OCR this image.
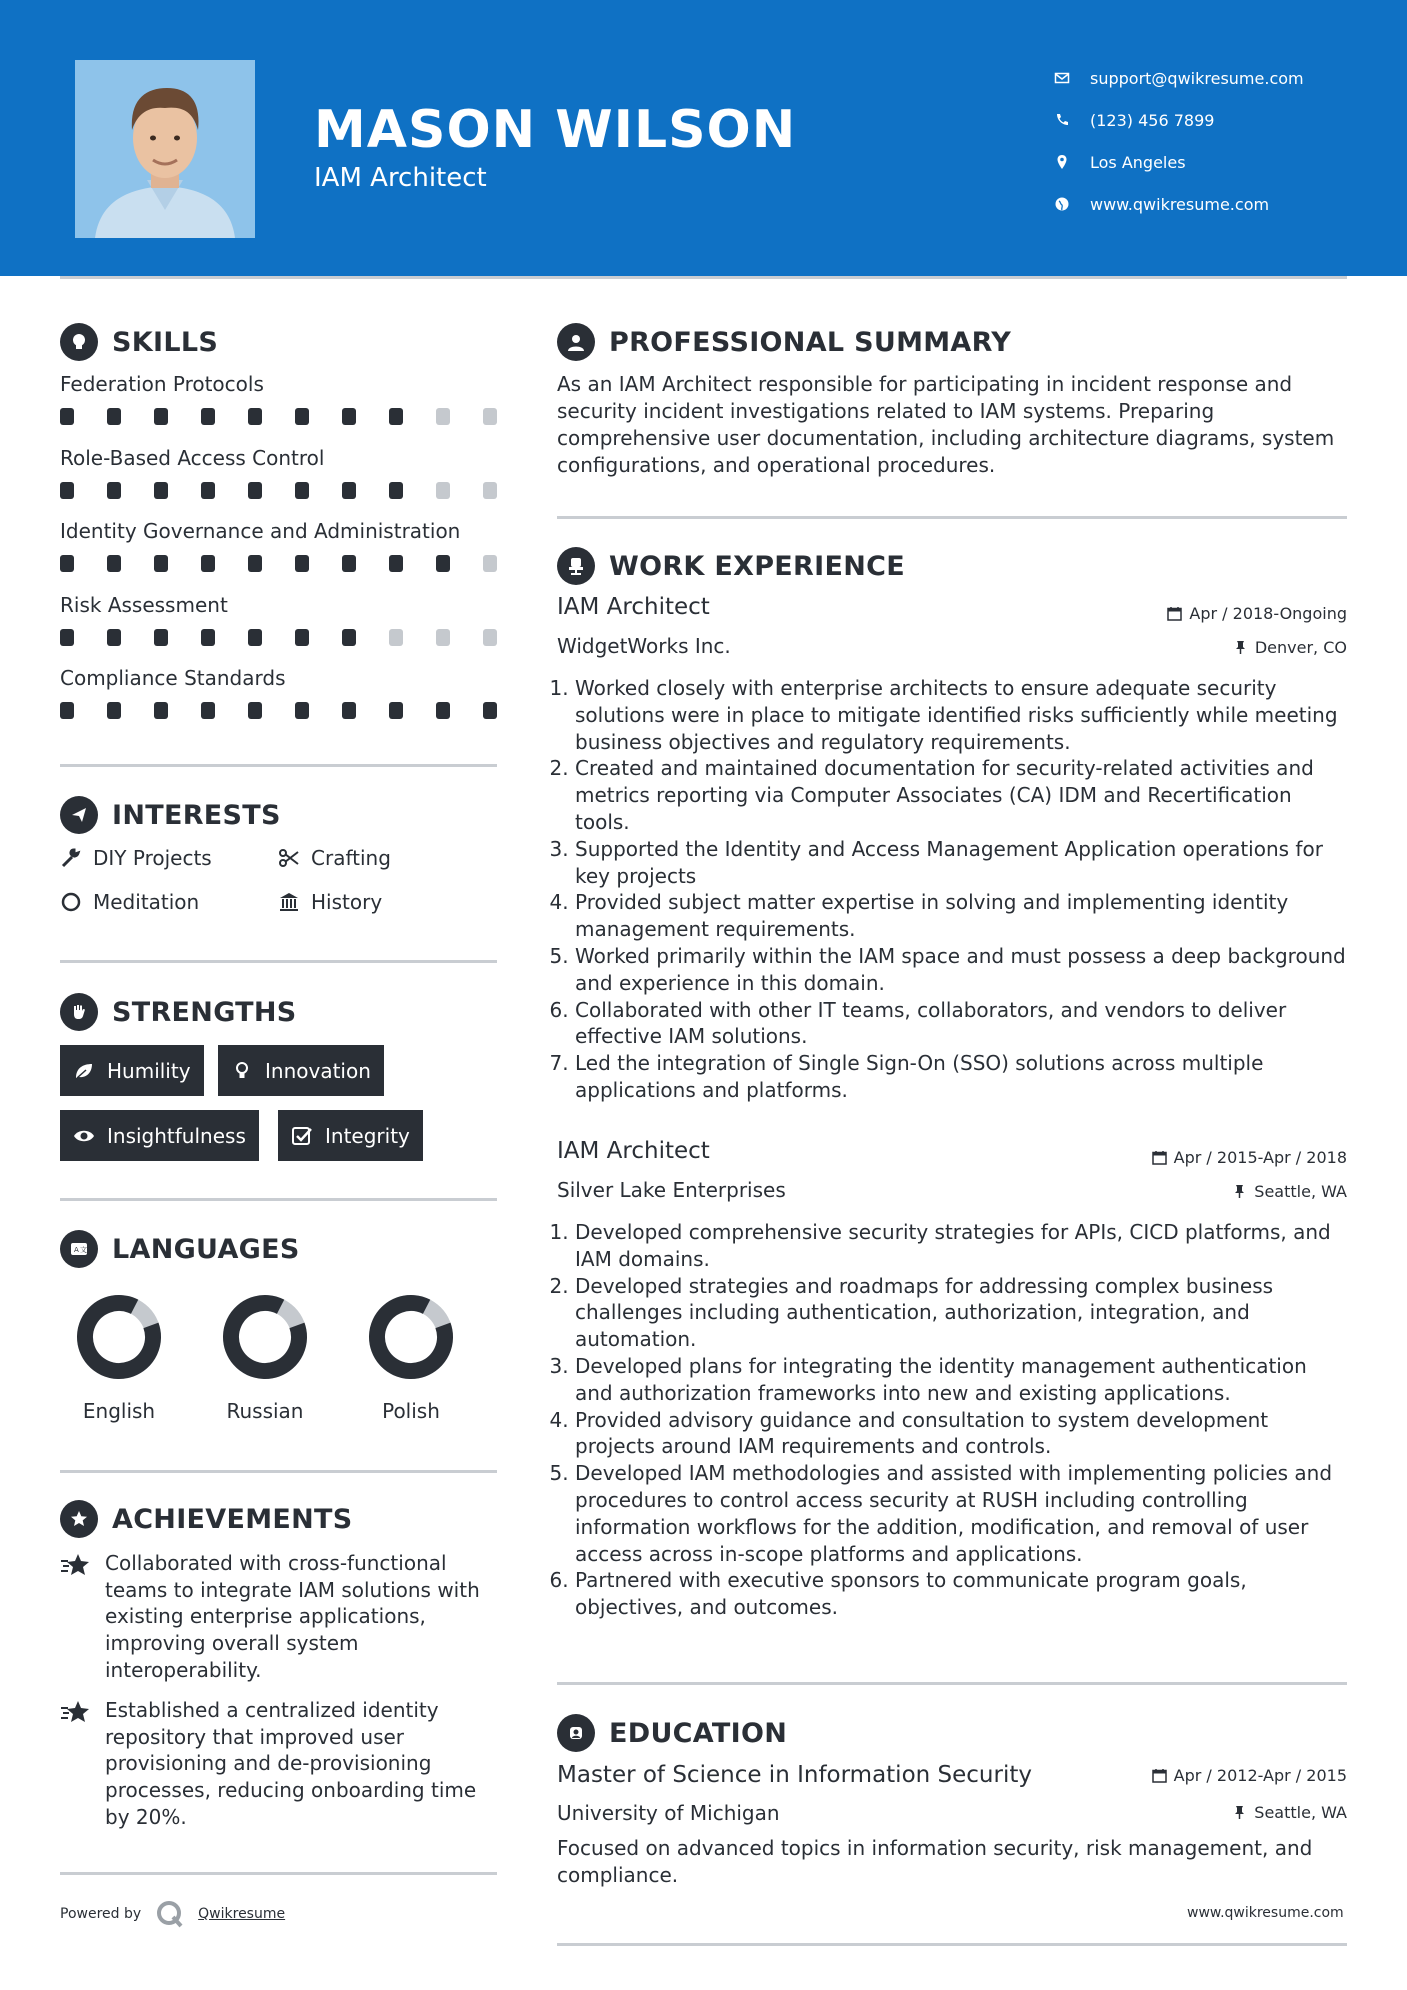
MASON WILSON
IAM Architect
support@qwikresume.com
(123) 456 7899
Los Angeles
www.qwikresume.com
SKILLS
Federation Protocols
Role-Based Access Control
Identity Governance and Administration
Risk Assessment
Compliance Standards
INTERESTS
DIY Projects	Crafting
Meditation	History
STRENGTHS
Humility	Innovation
Insightfulness	Integrity
A 文 LANGUAGES
English	Russian	Polish
ACHIEVEMENTS
Collaborated with cross-functional teams to integrate IAM solutions with existing enterprise applications, improving overall system interoperability.
Established a centralized identity repository that improved user provisioning and de-provisioning processes, reducing onboarding time by 20%.
Powered by	Qwikresume
PROFESSIONAL SUMMARY
As an IAM Architect responsible for participating in incident response and security incident investigations related to IAM systems. Preparing comprehensive user documentation, including architecture diagrams, system configurations, and operational procedures.
WORK EXPERIENCE
IAM Architect	Apr / 2018-Ongoing
WidgetWorks Inc.	Denver, CO
1. Worked closely with enterprise architects to ensure adequate security solutions were in place to mitigate identified risks sufficiently while meeting business objectives and regulatory requirements.
2. Created and maintained documentation for security-related activities and metrics reporting via Computer Associates (CA) IDM and Recertification tools.
3. Supported the Identity and Access Management Application operations for key projects
4. Provided subject matter expertise in solving and implementing identity management requirements.
5. Worked primarily within the IAM space and must possess a deep background and experience in this domain.
6. Collaborated with other IT teams, collaborators, and vendors to deliver effective IAM solutions.
7. Led the integration of Single Sign-On (SSO) solutions across multiple applications and platforms.
IAM Architect	Apr / 2015-Apr / 2018
Silver Lake Enterprises	Seattle, WA
1. Developed comprehensive security strategies for APIs, CICD platforms, and IAM domains.
2. Developed strategies and roadmaps for addressing complex business challenges including authentication, authorization, integration, and automation.
3. Developed plans for integrating the identity management authentication and authorization frameworks into new and existing applications.
4. Provided advisory guidance and consultation to system development projects around IAM requirements and controls.
5. Developed IAM methodologies and assisted with implementing policies and procedures to control access security at RUSH including controlling information workflows for the addition, modification, and removal of user access across in-scope platforms and applications.
6. Partnered with executive sponsors to communicate program goals, objectives, and outcomes.
EDUCATION
Master of Science in Information Security	Apr / 2012-Apr / 2015
University of Michigan	Seattle, WA
Focused on advanced topics in information security, risk management, and compliance.
www.qwikresume.com
